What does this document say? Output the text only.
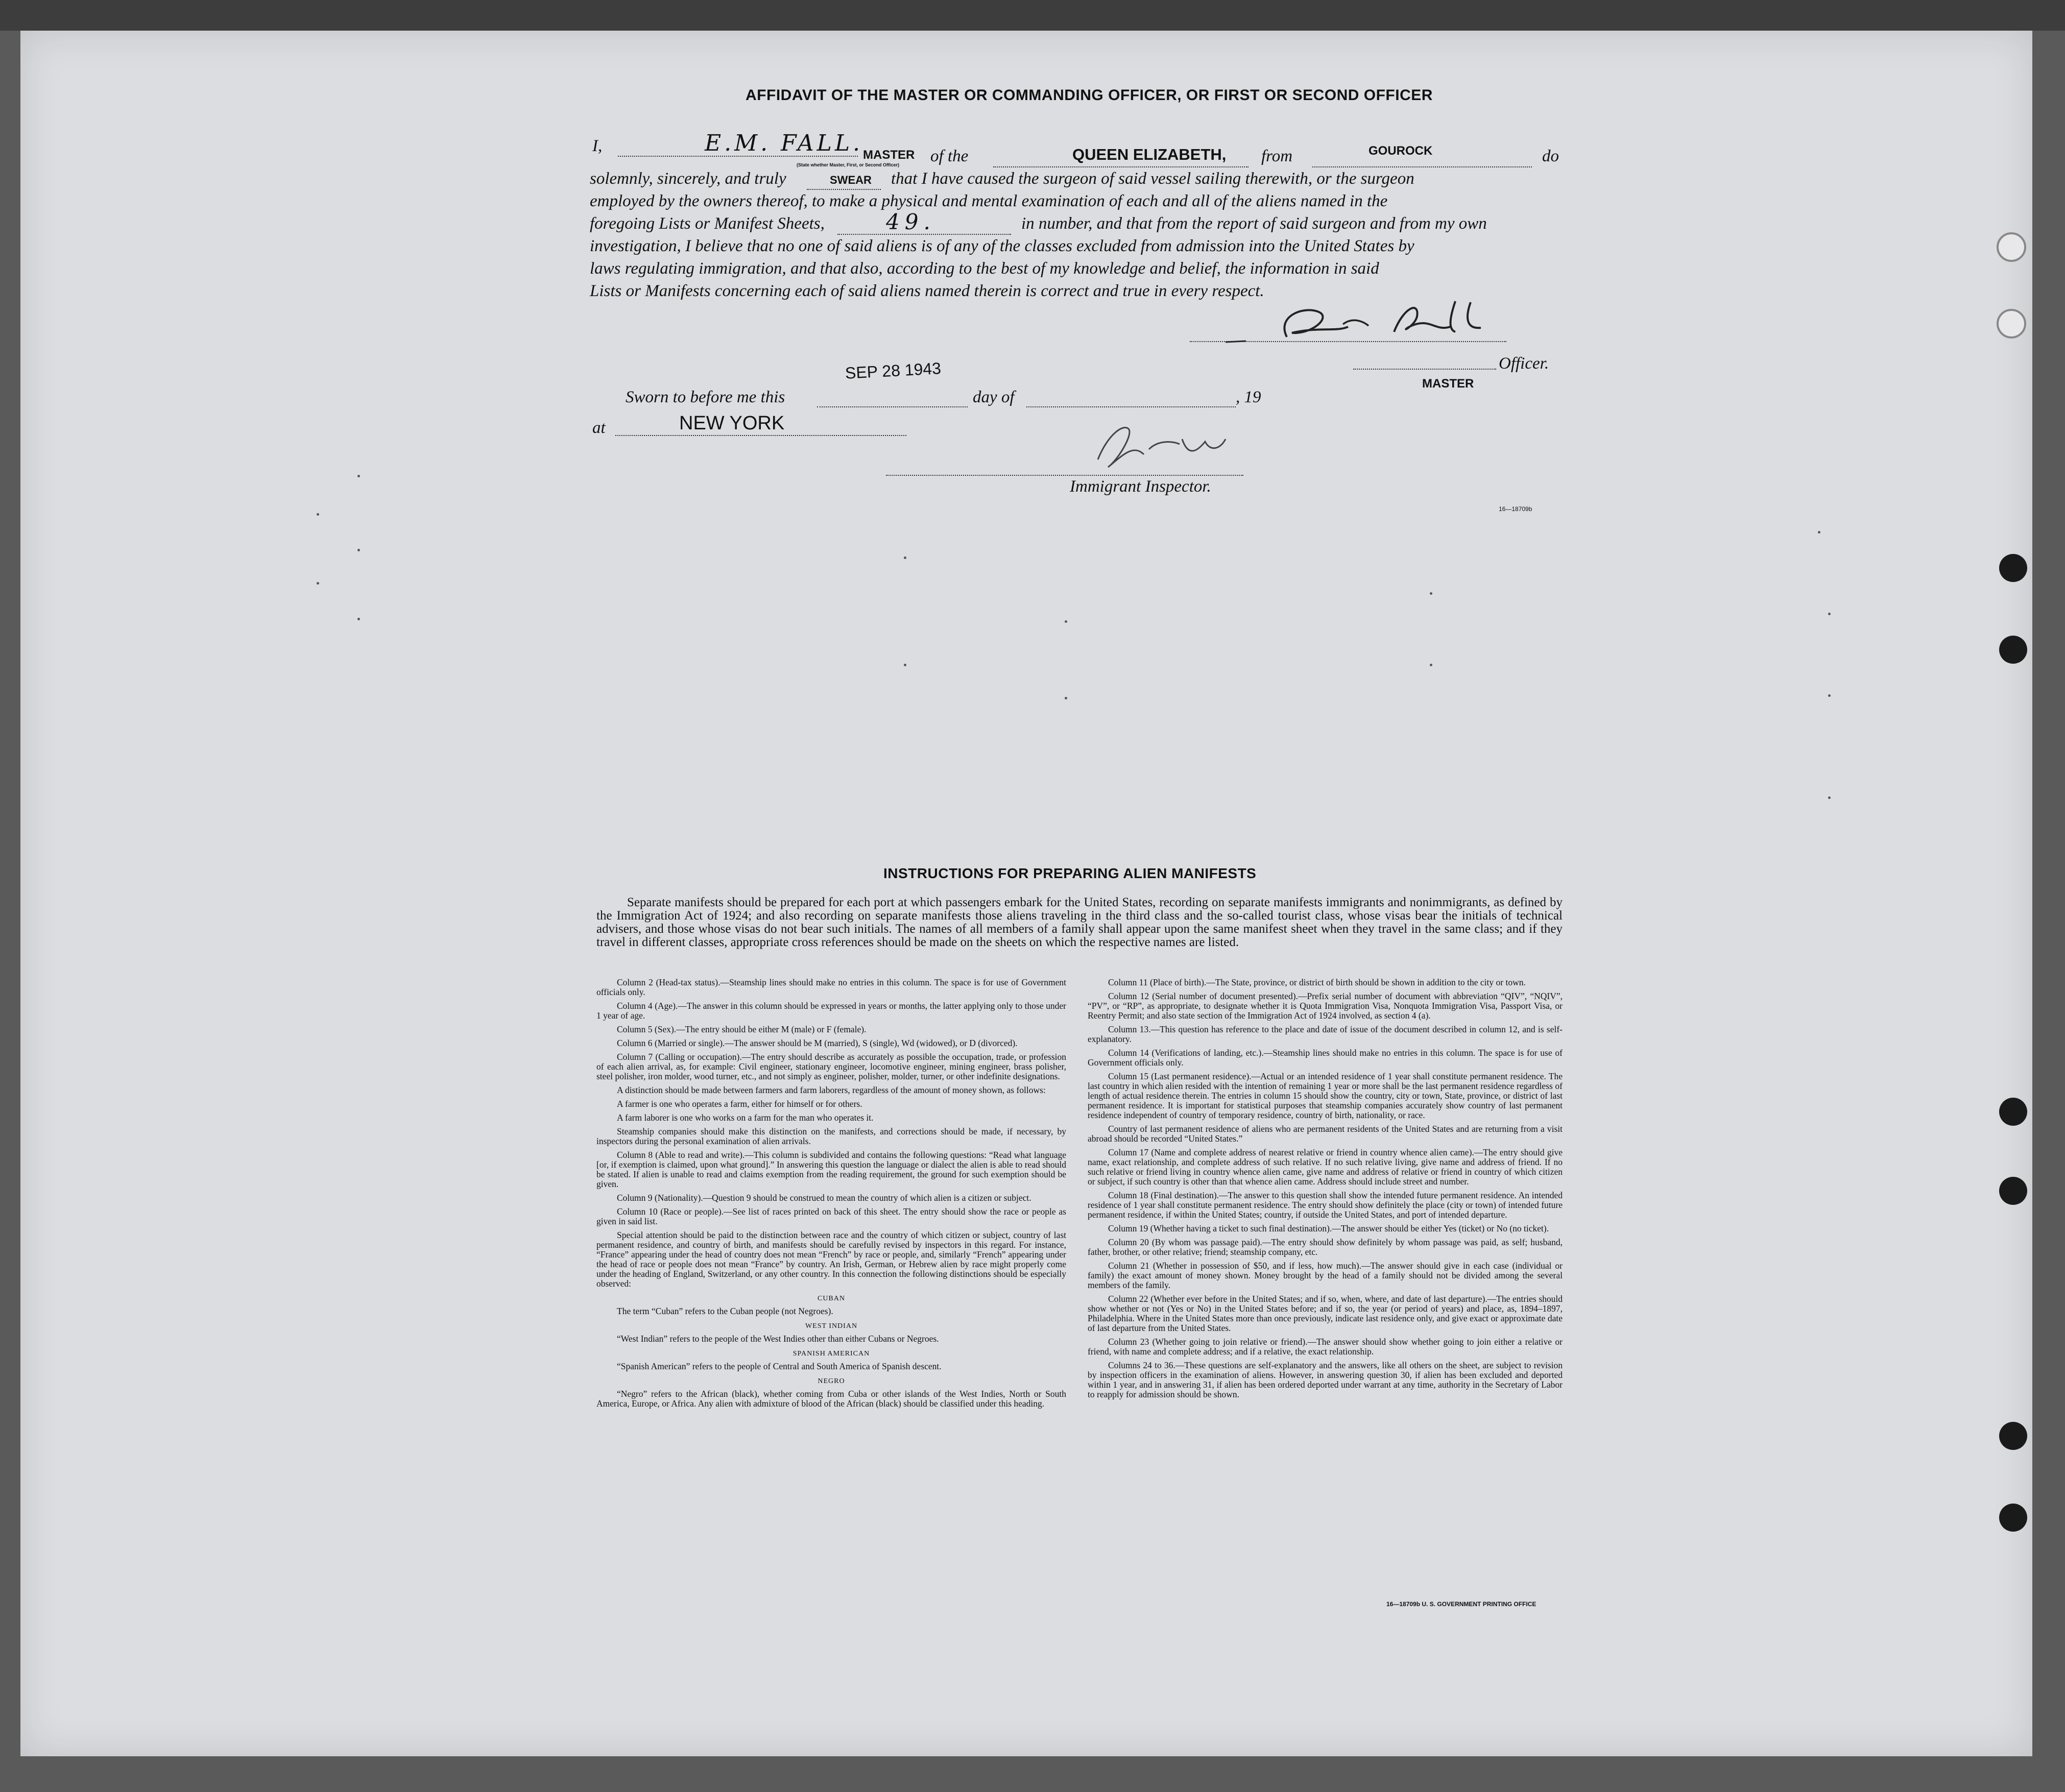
AFFIDAVIT OF THE MASTER OR COMMANDING OFFICER, OR FIRST OR SECOND OFFICER
I,	E.M. FALL. MASTER
(State whether Master, First, or Second Officer) of the	QUEEN ELIZABETH, from	GOUROCK	do
solemnly, sincerely, and truly	SWEAR that I have caused the surgeon of said vessel sailing therewith, or the surgeon
employed by the owners thereof, to make a physical and mental examination of each and all of the aliens named in the
foregoing Lists or Manifest Sheets,	49.	in number, and that from the report of said surgeon and from my own
investigation, I believe that no one of said aliens is of any of the classes excluded from admission into the United States by
laws regulating immigration, and that also, according to the best of my knowledge and belief, the information in said
Lists or Manifests concerning each of said aliens named therein is correct and true in every respect.
Officer.
MASTER
SEP 28 1943
Sworn to before me this	day of	, 19
at	NEW YORK
Immigrant Inspector.
16—18709b
INSTRUCTIONS FOR PREPARING ALIEN MANIFESTS
Separate manifests should be prepared for each port at which passengers embark for the United States, recording on separate manifests immigrants and nonimmigrants, as defined by the Immigration Act of 1924; and also recording on separate manifests those aliens traveling in the third class and the so-called tourist class, whose visas bear the initials of technical advisers, and those whose visas do not bear such initials. The names of all members of a family shall appear upon the same manifest sheet when they travel in the same class; and if they travel in different classes, appropriate cross references should be made on the sheets on which the respective names are listed.

Column 2 (Head-tax status).—Steamship lines should make no entries in this column. The space is for use of Government officials only.

Column 4 (Age).—The answer in this column should be expressed in years or months, the latter applying only to those under 1 year of age.

Column 5 (Sex).—The entry should be either M (male) or F (female).

Column 6 (Married or single).—The answer should be M (married), S (single), Wd (widowed), or D (divorced).

Column 7 (Calling or occupation).—The entry should describe as accurately as possible the occupation, trade, or profession of each alien arrival, as, for example: Civil engineer, stationary engineer, locomotive engineer, mining engineer, brass polisher, steel polisher, iron molder, wood turner, etc., and not simply as engineer, polisher, molder, turner, or other indefinite designations.

A distinction should be made between farmers and farm laborers, regardless of the amount of money shown, as follows:

A farmer is one who operates a farm, either for himself or for others.

A farm laborer is one who works on a farm for the man who operates it.

Steamship companies should make this distinction on the manifests, and corrections should be made, if necessary, by inspectors during the personal examination of alien arrivals.

Column 8 (Able to read and write).—This column is subdivided and contains the following questions: “Read what language [or, if exemption is claimed, upon what ground].” In answering this question the language or dialect the alien is able to read should be stated. If alien is unable to read and claims exemption from the reading requirement, the ground for such exemption should be given.

Column 9 (Nationality).—Question 9 should be construed to mean the country of which alien is a citizen or subject.

Column 10 (Race or people).—See list of races printed on back of this sheet. The entry should show the race or people as given in said list.

Special attention should be paid to the distinction between race and the country of which citizen or subject, country of last permanent residence, and country of birth, and manifests should be carefully revised by inspectors in this regard. For instance, “France” appearing under the head of country does not mean “French” by race or people, and, similarly “French” appearing under the head of race or people does not mean “France” by country. An Irish, German, or Hebrew alien by race might properly come under the heading of England, Switzerland, or any other country. In this connection the following distinctions should be especially observed:

CUBAN

The term “Cuban” refers to the Cuban people (not Negroes).

WEST INDIAN

“West Indian” refers to the people of the West Indies other than either Cubans or Negroes.

SPANISH AMERICAN

“Spanish American” refers to the people of Central and South America of Spanish descent.

NEGRO

“Negro” refers to the African (black), whether coming from Cuba or other islands of the West Indies, North or South America, Europe, or Africa. Any alien with admixture of blood of the African (black) should be classified under this heading.

Column 11 (Place of birth).—The State, province, or district of birth should be shown in addition to the city or town.

Column 12 (Serial number of document presented).—Prefix serial number of document with abbreviation “QIV”, “NQIV”, “PV”, or “RP”, as appropriate, to designate whether it is Quota Immigration Visa, Nonquota Immigration Visa, Passport Visa, or Reentry Permit; and also state section of the Immigration Act of 1924 involved, as section 4 (a).

Column 13.—This question has reference to the place and date of issue of the document described in column 12, and is self-explanatory.

Column 14 (Verifications of landing, etc.).—Steamship lines should make no entries in this column. The space is for use of Government officials only.

Column 15 (Last permanent residence).—Actual or an intended residence of 1 year shall constitute permanent residence. The last country in which alien resided with the intention of remaining 1 year or more shall be the last permanent residence regardless of length of actual residence therein. The entries in column 15 should show the country, city or town, State, province, or district of last permanent residence. It is important for statistical purposes that steamship companies accurately show country of last permanent residence independent of country of temporary residence, country of birth, nationality, or race.

Country of last permanent residence of aliens who are permanent residents of the United States and are returning from a visit abroad should be recorded “United States.”

Column 17 (Name and complete address of nearest relative or friend in country whence alien came).—The entry should give name, exact relationship, and complete address of such relative. If no such relative living, give name and address of friend. If no such relative or friend living in country whence alien came, give name and address of relative or friend in country of which citizen or subject, if such country is other than that whence alien came. Address should include street and number.

Column 18 (Final destination).—The answer to this question shall show the intended future permanent residence. An intended residence of 1 year shall constitute permanent residence. The entry should show definitely the place (city or town) of intended future permanent residence, if within the United States; country, if outside the United States, and port of intended departure.

Column 19 (Whether having a ticket to such final destination).—The answer should be either Yes (ticket) or No (no ticket).

Column 20 (By whom was passage paid).—The entry should show definitely by whom passage was paid, as self; husband, father, brother, or other relative; friend; steamship company, etc.

Column 21 (Whether in possession of $50, and if less, how much).—The answer should give in each case (individual or family) the exact amount of money shown. Money brought by the head of a family should not be divided among the several members of the family.

Column 22 (Whether ever before in the United States; and if so, when, where, and date of last departure).—The entries should show whether or not (Yes or No) in the United States before; and if so, the year (or period of years) and place, as, 1894–1897, Philadelphia. Where in the United States more than once previously, indicate last residence only, and give exact or approximate date of last departure from the United States.

Column 23 (Whether going to join relative or friend).—The answer should show whether going to join either a relative or friend, with name and complete address; and if a relative, the exact relationship.

Columns 24 to 36.—These questions are self-explanatory and the answers, like all others on the sheet, are subject to revision by inspection officers in the examination of aliens. However, in answering question 30, if alien has been excluded and deported within 1 year, and in answering 31, if alien has been ordered deported under warrant at any time, authority in the Secretary of Labor to reapply for admission should be shown.

16—18709b U. S. GOVERNMENT PRINTING OFFICE
